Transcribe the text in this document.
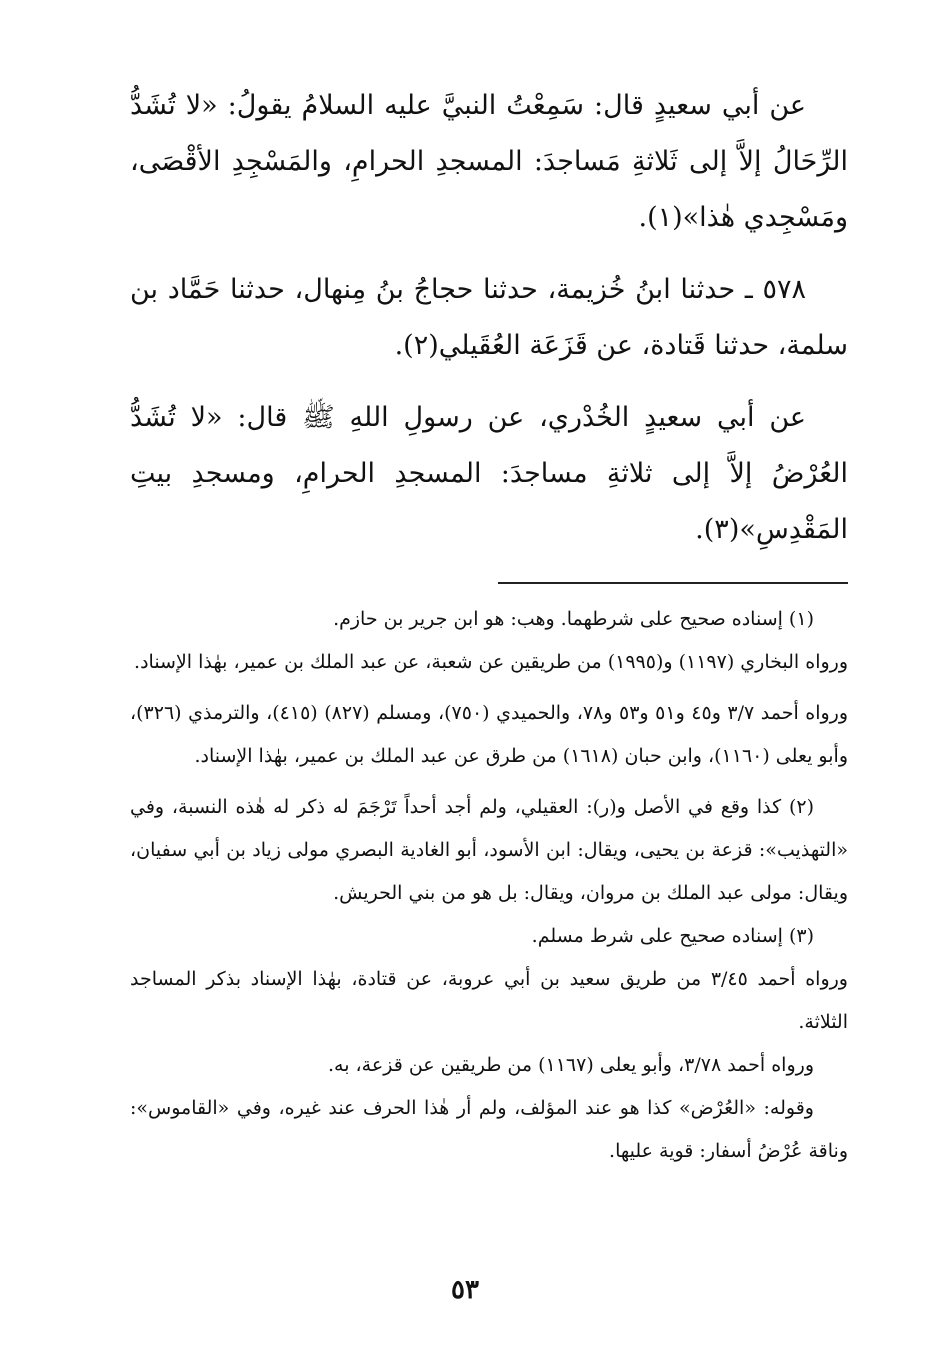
عن أبي سعيدٍ قال: سَمِعْتُ النبيَّ عليه السلامُ يقولُ: «لا تُشَدُّ الرِّحَالُ إلاَّ إلى ثَلاثةِ مَساجدَ: المسجدِ الحرامِ، والمَسْجِدِ الأقْصَى، ومَسْجِدي هٰذا»(١).

٥٧٨ ـ حدثنا ابنُ خُزيمة، حدثنا حجاجُ بنُ مِنهال، حدثنا حَمَّاد بن سلمة، حدثنا قَتادة، عن قَزَعَة العُقَيلي(٢).

عن أبي سعيدٍ الخُدْري، عن رسولِ اللهِ ﷺ قال: «لا تُشَدُّ العُرْضُ إلاَّ إلى ثلاثةِ مساجدَ: المسجدِ الحرامِ، ومسجدِ بيتِ المَقْدِسِ»(٣).

(١) إسناده صحيح على شرطهما. وهب: هو ابن جرير بن حازم.

ورواه البخاري (١١٩٧) و(١٩٩٥) من طريقين عن شعبة، عن عبد الملك بن عمير، بهٰذا الإسناد.

ورواه أحمد ٣/٧ و٤٥ و٥١ و٥٣ و٧٨، والحميدي (٧٥٠)، ومسلم (٨٢٧) (٤١٥)، والترمذي (٣٢٦)، وأبو يعلى (١١٦٠)، وابن حبان (١٦١٨) من طرق عن عبد الملك بن عمير، بهٰذا الإسناد.

(٢) كذا وقع في الأصل و(ر): العقيلي، ولم أجد أحداً تَرْجَمَ له ذكر له هٰذه النسبة، وفي «التهذيب»: قزعة بن يحيى، ويقال: ابن الأسود، أبو الغادية البصري مولى زياد بن أبي سفيان، ويقال: مولى عبد الملك بن مروان، ويقال: بل هو من بني الحريش.

(٣) إسناده صحيح على شرط مسلم.

ورواه أحمد ٣/٤٥ من طريق سعيد بن أبي عروبة، عن قتادة، بهٰذا الإسناد بذكر المساجد الثلاثة.

ورواه أحمد ٣/٧٨، وأبو يعلى (١١٦٧) من طريقين عن قزعة، به.

وقوله: «العُرْض» كذا هو عند المؤلف، ولم أر هٰذا الحرف عند غيره، وفي «القاموس»: وناقة عُرْضُ أسفار: قوية عليها.

٥٣
